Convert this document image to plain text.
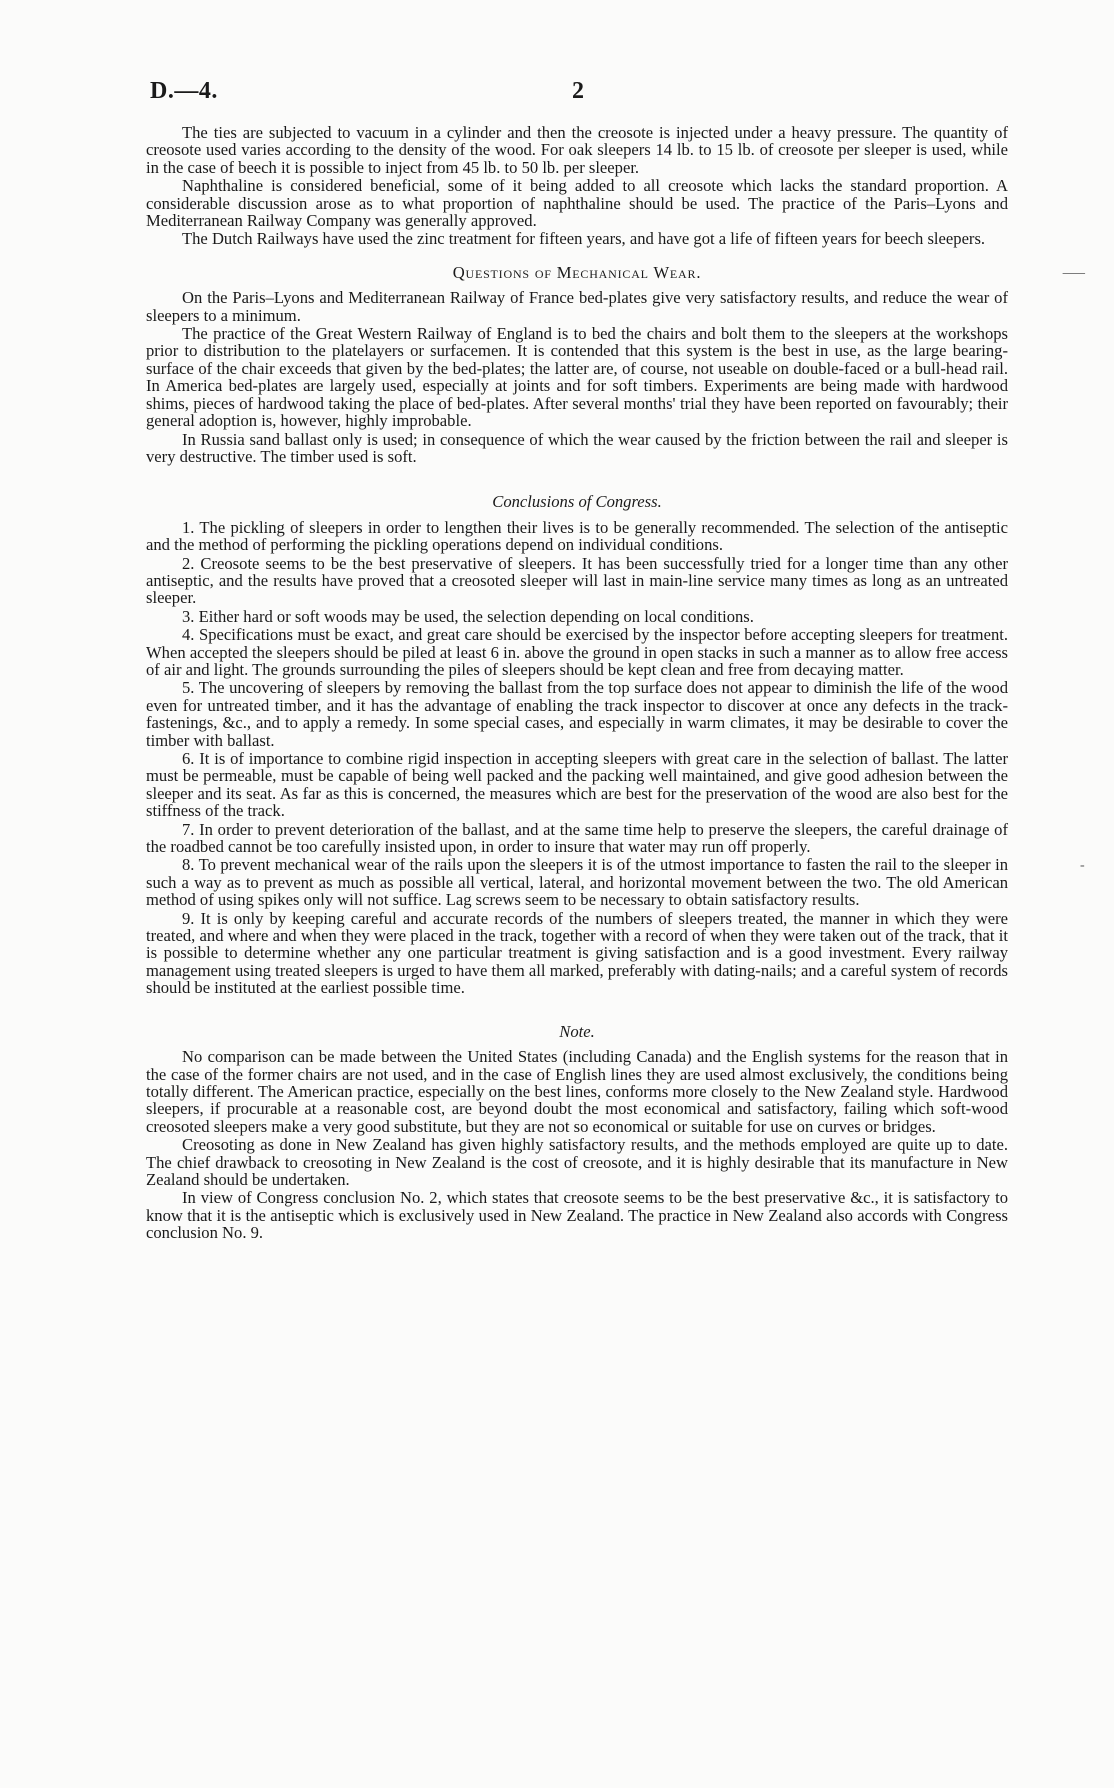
D.—4.	2
⸺
‐

The ties are subjected to vacuum in a cylinder and then the creosote is injected under a heavy pressure. The quantity of creosote used varies according to the density of the wood. For oak sleepers 14 lb. to 15 lb. of creosote per sleeper is used, while in the case of beech it is possible to inject from 45 lb. to 50 lb. per sleeper.

Naphthaline is considered beneficial, some of it being added to all creosote which lacks the standard proportion. A considerable discussion arose as to what proportion of naphthaline should be used. The practice of the Paris–Lyons and Mediterranean Railway Company was generally approved.

The Dutch Railways have used the zinc treatment for fifteen years, and have got a life of fifteen years for beech sleepers.

Questions of Mechanical Wear.

On the Paris–Lyons and Mediterranean Railway of France bed-plates give very satisfactory results, and reduce the wear of sleepers to a minimum.

The practice of the Great Western Railway of England is to bed the chairs and bolt them to the sleepers at the workshops prior to distribution to the platelayers or surfacemen. It is contended that this system is the best in use, as the large bearing-surface of the chair exceeds that given by the bed-plates; the latter are, of course, not useable on double-faced or a bull-head rail. In America bed-plates are largely used, especially at joints and for soft timbers. Experiments are being made with hardwood shims, pieces of hardwood taking the place of bed-plates. After several months' trial they have been reported on favourably; their general adoption is, however, highly improbable.

In Russia sand ballast only is used; in consequence of which the wear caused by the friction between the rail and sleeper is very destructive. The timber used is soft.

Conclusions of Congress.

1. The pickling of sleepers in order to lengthen their lives is to be generally recommended. The selection of the antiseptic and the method of performing the pickling operations depend on individual conditions.

2. Creosote seems to be the best preservative of sleepers. It has been successfully tried for a longer time than any other antiseptic, and the results have proved that a creosoted sleeper will last in main-line service many times as long as an untreated sleeper.

3. Either hard or soft woods may be used, the selection depending on local conditions.

4. Specifications must be exact, and great care should be exercised by the inspector before accepting sleepers for treatment. When accepted the sleepers should be piled at least 6 in. above the ground in open stacks in such a manner as to allow free access of air and light. The grounds surrounding the piles of sleepers should be kept clean and free from decaying matter.

5. The uncovering of sleepers by removing the ballast from the top surface does not appear to diminish the life of the wood even for untreated timber, and it has the advantage of enabling the track inspector to discover at once any defects in the track-fastenings, &c., and to apply a remedy. In some special cases, and especially in warm climates, it may be desirable to cover the timber with ballast.

6. It is of importance to combine rigid inspection in accepting sleepers with great care in the selection of ballast. The latter must be permeable, must be capable of being well packed and the packing well maintained, and give good adhesion between the sleeper and its seat. As far as this is concerned, the measures which are best for the preservation of the wood are also best for the stiffness of the track.

7. In order to prevent deterioration of the ballast, and at the same time help to preserve the sleepers, the careful drainage of the roadbed cannot be too carefully insisted upon, in order to insure that water may run off properly.

8. To prevent mechanical wear of the rails upon the sleepers it is of the utmost importance to fasten the rail to the sleeper in such a way as to prevent as much as possible all vertical, lateral, and horizontal movement between the two. The old American method of using spikes only will not suffice. Lag screws seem to be necessary to obtain satisfactory results.

9. It is only by keeping careful and accurate records of the numbers of sleepers treated, the manner in which they were treated, and where and when they were placed in the track, together with a record of when they were taken out of the track, that it is possible to determine whether any one particular treatment is giving satisfaction and is a good investment. Every railway management using treated sleepers is urged to have them all marked, preferably with dating-nails; and a careful system of records should be instituted at the earliest possible time.

Note.

No comparison can be made between the United States (including Canada) and the English systems for the reason that in the case of the former chairs are not used, and in the case of English lines they are used almost exclusively, the conditions being totally different. The American practice, especially on the best lines, conforms more closely to the New Zealand style. Hardwood sleepers, if procurable at a reasonable cost, are beyond doubt the most economical and satisfactory, failing which soft-wood creosoted sleepers make a very good substitute, but they are not so economical or suitable for use on curves or bridges.

Creosoting as done in New Zealand has given highly satisfactory results, and the methods employed are quite up to date. The chief drawback to creosoting in New Zealand is the cost of creosote, and it is highly desirable that its manufacture in New Zealand should be undertaken.

In view of Congress conclusion No. 2, which states that creosote seems to be the best preservative &c., it is satisfactory to know that it is the antiseptic which is exclusively used in New Zealand. The practice in New Zealand also accords with Congress conclusion No. 9.
